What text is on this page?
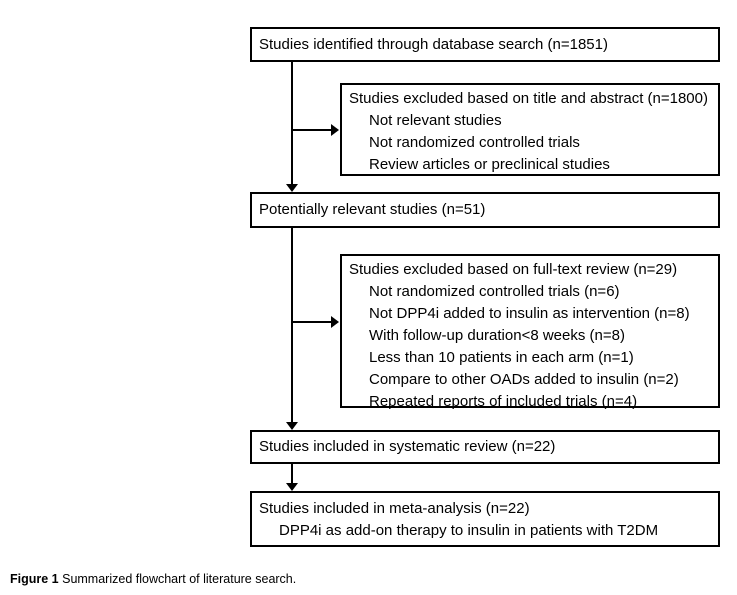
Studies identified through database search (n=1851)
Studies excluded based on title and abstract (n=1800)
Not relevant studies
Not randomized controlled trials
Review articles or preclinical studies
Potentially relevant studies (n=51)
Studies excluded based on full-text review (n=29)
Not randomized controlled trials (n=6)
Not DPP4i added to insulin as intervention (n=8)
With follow-up duration<8 weeks (n=8)
Less than 10 patients in each arm (n=1)
Compare to other OADs added to insulin (n=2)
Repeated reports of included trials (n=4)
Studies included in systematic review (n=22)
Studies included in meta-analysis (n=22)
DPP4i as add-on therapy to insulin in patients with T2DM
Figure 1 Summarized flowchart of literature search.
